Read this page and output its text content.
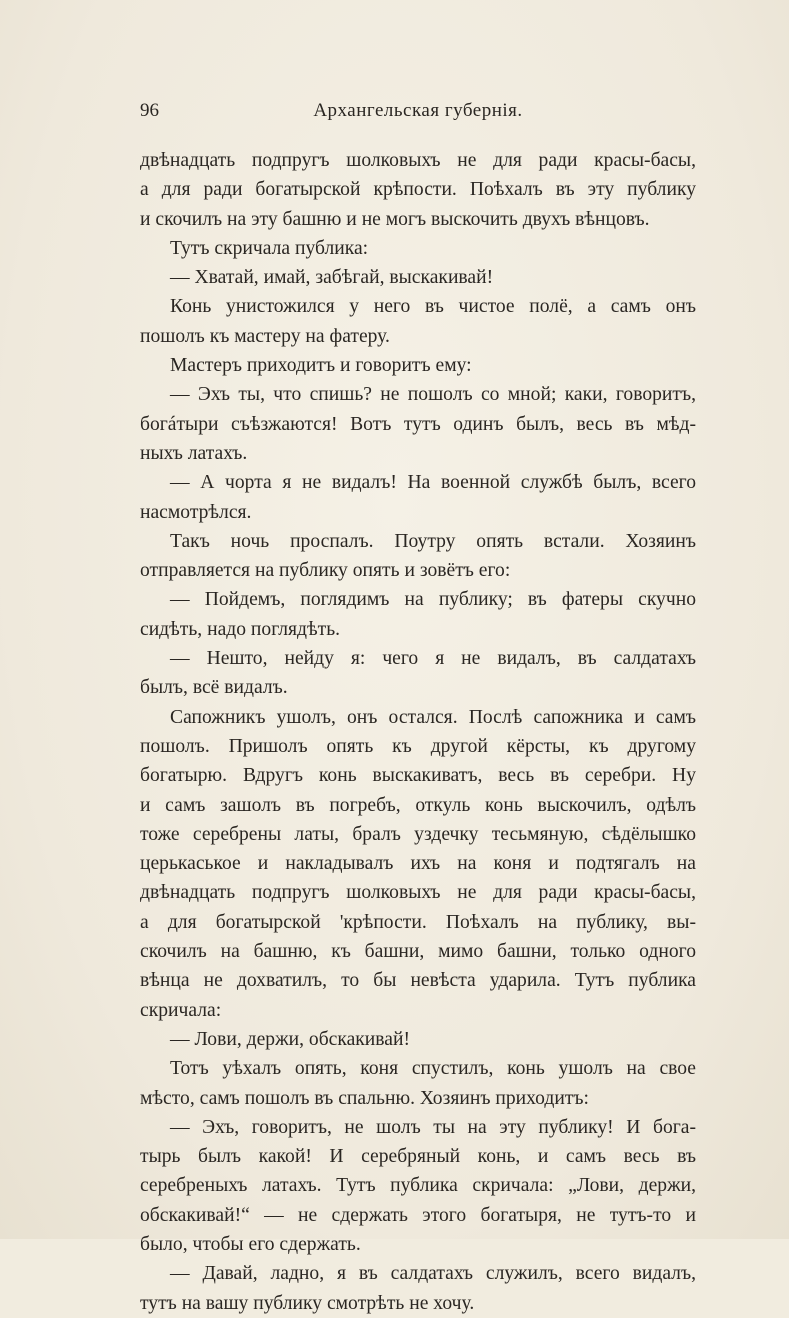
96	Архангельская губернія.
двѣнадцать подпругъ шолковыхъ не для ради красы-басы,
а для ради богатырской крѣпости. Поѣхалъ въ эту публику
и скочилъ на эту башню и не могъ выскочить двухъ вѣнцовъ.
Тутъ скричала публика:
— Хватай, имай, забѣгай, выскакивай!
Конь унистожился у него въ чистое полё, а самъ онъ
пошолъ къ мастеру на фатеру.
Мастеръ приходитъ и говоритъ ему:
— Эхъ ты, что спишь? не пошолъ со мной; каки, говоритъ,
богáтыри съѣзжаются! Вотъ тутъ одинъ былъ, весь въ мѣд-
ныхъ латахъ.
— А чорта я не видалъ! На военной службѣ былъ, всего
насмотрѣлся.
Такъ ночь проспалъ. Поутру опять встали. Хозяинъ
отправляется на публику опять и зовётъ его:
— Пойдемъ, поглядимъ на публику; въ фатеры скучно
сидѣть, надо поглядѣть.
— Нешто, нейду я: чего я не видалъ, въ салдатахъ
былъ, всё видалъ.
Сапожникъ ушолъ, онъ остался. Послѣ сапожника и самъ
пошолъ. Пришолъ опять къ другой кёрсты, къ другому
богатырю. Вдругъ конь выскакиватъ, весь въ серебри. Ну
и самъ зашолъ въ погребъ, откуль конь выскочилъ, одѣлъ
тоже серебрены латы, бралъ уздечку тесьмяную, сѣдёлышко
церькаськое и накладывалъ ихъ на коня и подтягалъ на
двѣнадцать подпругъ шолковыхъ не для ради красы-басы,
а для богатырской 'крѣпости. Поѣхалъ на публику, вы-
скочилъ на башню, къ башни, мимо башни, только одного
вѣнца не дохватилъ, то бы невѣста ударила. Тутъ публика
скричала:
— Лови, держи, обскакивай!
Тотъ уѣхалъ опять, коня спустилъ, конь ушолъ на свое
мѣсто, самъ пошолъ въ спальню. Хозяинъ приходитъ:
— Эхъ, говоритъ, не шолъ ты на эту публику! И бога-
тырь былъ какой! И серебряный конь, и самъ весь въ
серебреныхъ латахъ. Тутъ публика скричала: „Лови, держи,
обскакивай!“ — не сдержать этого богатыря, не тутъ-то и
было, чтобы его сдержать.
— Давай, ладно, я въ салдатахъ служилъ, всего видалъ,
тутъ на вашу публику смотрѣть не хочу.
